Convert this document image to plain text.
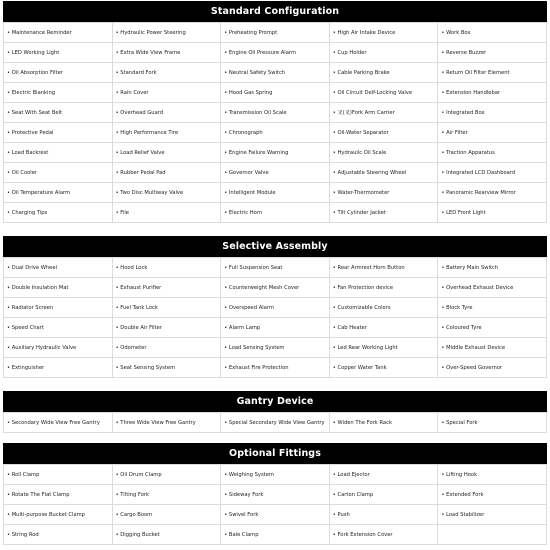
Standard Configuration
• Maintenance Reminder	• Hydraulic Power Steering	• Preheating Prompt	• High Air Intake Device	• Work Box
• LED Working Light	• Extra Wide View Frame	• Engine Oil Pressure Alarm	• Cup Holder	• Reverse Buzzer
• Oil Absorption Filter	• Standard Fork	• Neutral Safety Switch	• Cable Parking Brake	• Return Oil Filter Element
• Electric Blanking	• Rain Cover	• Hood Gas Spring	• Oil Circuit Delf-Locking Valve	• Extension Handlebar
• Seat With Seat Belt	• Overhead Guard	• Transmission Oil Scale	• 叉(叉)Fork Arm Carrier	• Integrated Box
• Protective Pedal	• High Performance Tire	• Chronograph	• Oil-Water Separator	• Air Filter
• Load Backrest	• Load Relief Valve	• Engine Failure Warning	• Hydraulic Oil Scale	• Traction Apparatus
• Oil Cooler	• Rubber Pedal Pad	• Governor Valve	• Adjustable Steering Wheel	• Integrated LCD Dashboard
• Oil Temperature Alarm	• Two Disc Multiway Valve	• Intelligent Module	• Water-Thermometer	• Panoramic Rearview Mirror
• Charging Tips	• File	• Electric Horn	• Tilt Cylinder Jacket	• LED Front Light
Selective Assembly
• Dual Drive Wheel	• Hood Lock	• Full Suspension Seat	• Rear Armrest Horn Button	• Battery Main Switch
• Double Insulation Mat	• Exhaust Purifier	• Counterweight Mesh Cover	• Fan Protection device	• Overhead Exhaust Device
• Radiator Screen	• Fuel Tank Lock	• Overspeed Alarm	• Customizable Colors	• Block Tyre
• Speed Chart	• Double Air Filter	• Alarm Lamp	• Cab Heater	• Coloured Tyre
• Auxiliary Hydraulic Valve	• Odometer	• Load Sensing System	• Led Rear Working Light	• Middle Exhaust Device
• Extinguisher	• Seat Sensing System	• Exhaust Fire Protection	• Copper Water Tank	• Over-Speed Governor
Gantry Device
• Secondary Wide View Free Gantry	• Three Wide View Free Gantry	• Special Secondary Wide View Gantry	• Widen The Fork Rack	• Special Fork
Optional Fittings
• Roll Clamp	• Oil Drum Clamp	• Weighing System	• Load Ejector	• Lifting Hook
• Rotate The Flat Clamp	• Tilting Fork	• Sideway Fork	• Carton Clamp	• Extended Fork
• Multi-purpose Bucket Clamp	• Cargo Boom	• Swivel Fork	• Push	• Load Stabilizer
• String Rod	• Digging Bucket	• Bale Clamp	• Fork Extension Cover	
